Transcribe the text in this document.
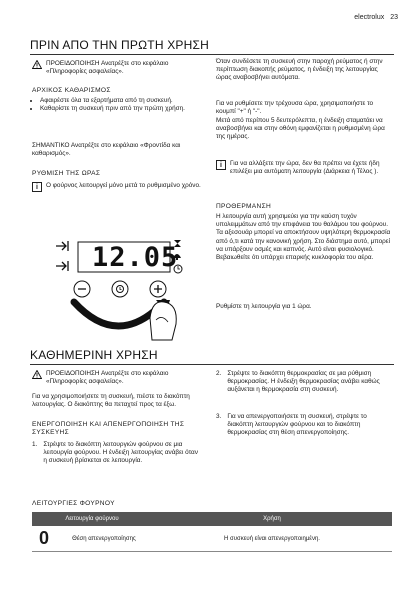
electrolux 23
ΠΡΙΝ ΑΠΟ ΤΗΝ ΠΡΩΤΗ ΧΡΗΣΗ
ΠΡΟΕΙΔΟΠΟΙΗΣΗ Ανατρέξτε στο κεφάλαιο «Πληροφορίες ασφαλείας».
ΑΡΧΙΚΟΣ ΚΑΘΑΡΙΣΜΟΣ
• Αφαιρέστε όλα τα εξαρτήματα από τη συσκευή.
• Καθαρίστε τη συσκευή πριν από την πρώτη χρήση.
ΣΗΜΑΝΤΙΚΟ Ανατρέξτε στο κεφάλαιο «Φροντίδα και καθαρισμός».
ΡΥΘΜΙΣΗ ΤΗΣ ΩΡΑΣ
i	Ο φούρνος λειτουργεί μόνο μετά το ρυθμισμένο χρόνο.
12.05
Όταν συνδέσετε τη συσκευή στην παροχή ρεύματος ή στην περίπτωση διακοπής ρεύματος, η ένδειξη της λειτουργίας ώρας αναβοσβήνει αυτόματα.
Για να ρυθμίσετε την τρέχουσα ώρα, χρησιμοποιήστε το κουμπί "+" ή "-".
Μετά από περίπου 5 δευτερόλεπτα, η ένδειξη σταματάει να αναβοσβήνει και στην οθόνη εμφανίζεται η ρυθμισμένη ώρα της ημέρας.
i	Για να αλλάξετε την ώρα, δεν θα πρέπει να έχετε ήδη επιλέξει μια αυτόματη λειτουργία (Διάρκεια ή Τέλος ).
ΠΡΟΘΕΡΜΑΝΣΗ
Η λειτουργία αυτή χρησιμεύει για την καύση τυχόν υπολειμμάτων από την επιφάνεια του θαλάμου του φούρνου. Τα αξεσουάρ μπορεί να αποκτήσουν υψηλότερη θερμοκρασία από ό,τι κατά την κανονική χρήση. Στο διάστημα αυτό, μπορεί να υπάρξουν οσμές και καπνός. Αυτό είναι φυσιολογικό. Βεβαιωθείτε ότι υπάρχει επαρκής κυκλοφορία του αέρα.
Ρυθμίστε τη λειτουργία για 1 ώρα.
ΚΑΘΗΜΕΡΙΝΗ ΧΡΗΣΗ
ΠΡΟΕΙΔΟΠΟΙΗΣΗ Ανατρέξτε στο κεφάλαιο «Πληροφορίες ασφαλείας».
Για να χρησιμοποιήσετε τη συσκευή, πιέστε το διακόπτη λειτουργίας. Ο διακόπτης θα πεταχτεί προς τα έξω.
ΕΝΕΡΓΟΠΟΙΗΣΗ ΚΑΙ ΑΠΕΝΕΡΓΟΠΟΙΗΣΗ ΤΗΣ ΣΥΣΚΕΥΗΣ
1. Στρέψτε το διακόπτη λειτουργιών φούρνου σε μια λειτουργία φούρνου. Η ένδειξη λειτουργίας ανάβει όταν η συσκευή βρίσκεται σε λειτουργία.
2. Στρέψτε το διακόπτη θερμοκρασίας σε μια ρύθμιση θερμοκρασίας. Η ένδειξη θερμοκρασίας ανάβει καθώς αυξάνεται η θερμοκρασία στη συσκευή.
3. Για να απενεργοποιήσετε τη συσκευή, στρέψτε το διακόπτη λειτουργιών φούρνου και το διακόπτη θερμοκρασίας στη θέση απενεργοποίησης.
ΛΕΙΤΟΥΡΓΙΕΣ ΦΟΥΡΝΟΥ
Λειτουργία φούρνου		Χρήση
0	Θέση απενεργοποίησης	Η συσκευή είναι απενεργοποιημένη.
